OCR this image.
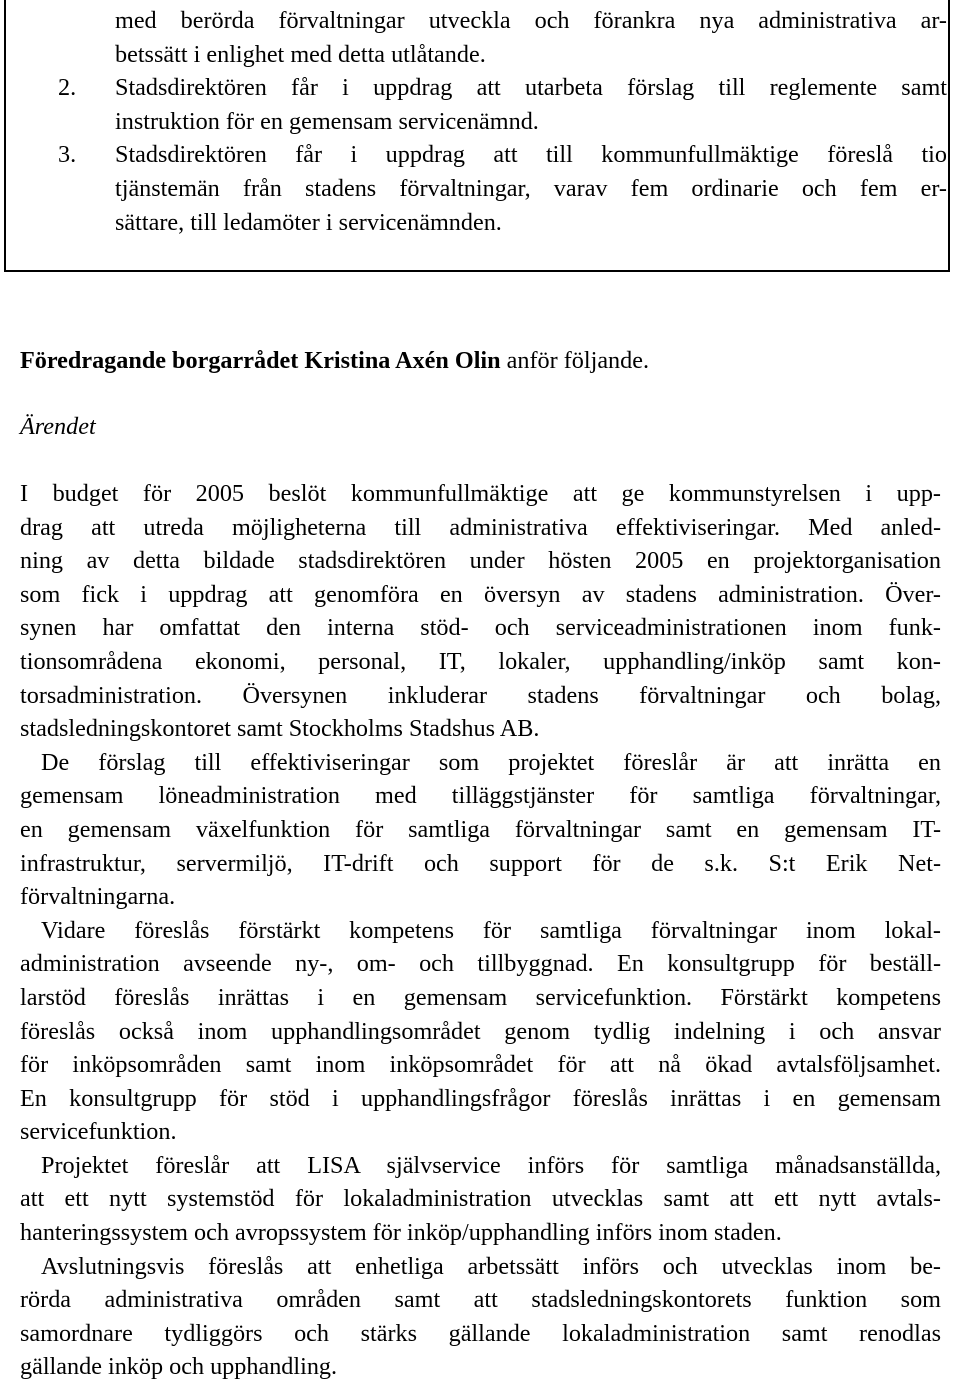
med berörda förvaltningar utveckla och förankra nya administrativa ar-
betssätt i enlighet med detta utlåtande.
2.	Stadsdirektören får i uppdrag att utarbeta förslag till reglemente samt
instruktion för en gemensam servicenämnd.
3.	Stadsdirektören får i uppdrag att till kommunfullmäktige föreslå tio
tjänstemän från stadens förvaltningar, varav fem ordinarie och fem er-
sättare, till ledamöter i servicenämnden.
Föredragande borgarrådet Kristina Axén Olin anför följande.
Ärendet
I budget för 2005 beslöt kommunfullmäktige att ge kommunstyrelsen i upp-
drag att utreda möjligheterna till administrativa effektiviseringar. Med anled-
ning av detta bildade stadsdirektören under hösten 2005 en projektorganisation
som fick i uppdrag att genomföra en översyn av stadens administration. Över-
synen har omfattat den interna stöd- och serviceadministrationen inom funk-
tionsområdena ekonomi, personal, IT, lokaler, upphandling/inköp samt kon-
torsadministration. Översynen inkluderar stadens förvaltningar och bolag,
stadsledningskontoret samt Stockholms Stadshus AB.
De förslag till effektiviseringar som projektet föreslår är att inrätta en
gemensam löneadministration med tilläggstjänster för samtliga förvaltningar,
en gemensam växelfunktion för samtliga förvaltningar samt en gemensam IT-
infrastruktur, servermiljö, IT-drift och support för de s.k. S:t Erik Net-
förvaltningarna.
Vidare föreslås förstärkt kompetens för samtliga förvaltningar inom lokal-
administration avseende ny-, om- och tillbyggnad. En konsultgrupp för beställ-
larstöd föreslås inrättas i en gemensam servicefunktion. Förstärkt kompetens
föreslås också inom upphandlingsområdet genom tydlig indelning i och ansvar
för inköpsområden samt inom inköpsområdet för att nå ökad avtalsföljsamhet.
En konsultgrupp för stöd i upphandlingsfrågor föreslås inrättas i en gemensam
servicefunktion.
Projektet föreslår att LISA självservice införs för samtliga månadsanställda,
att ett nytt systemstöd för lokaladministration utvecklas samt att ett nytt avtals-
hanteringssystem och avropssystem för inköp/upphandling införs inom staden.
Avslutningsvis föreslås att enhetliga arbetssätt införs och utvecklas inom be-
rörda administrativa områden samt att stadsledningskontorets funktion som
samordnare tydliggörs och stärks gällande lokaladministration samt renodlas
gällande inköp och upphandling.
